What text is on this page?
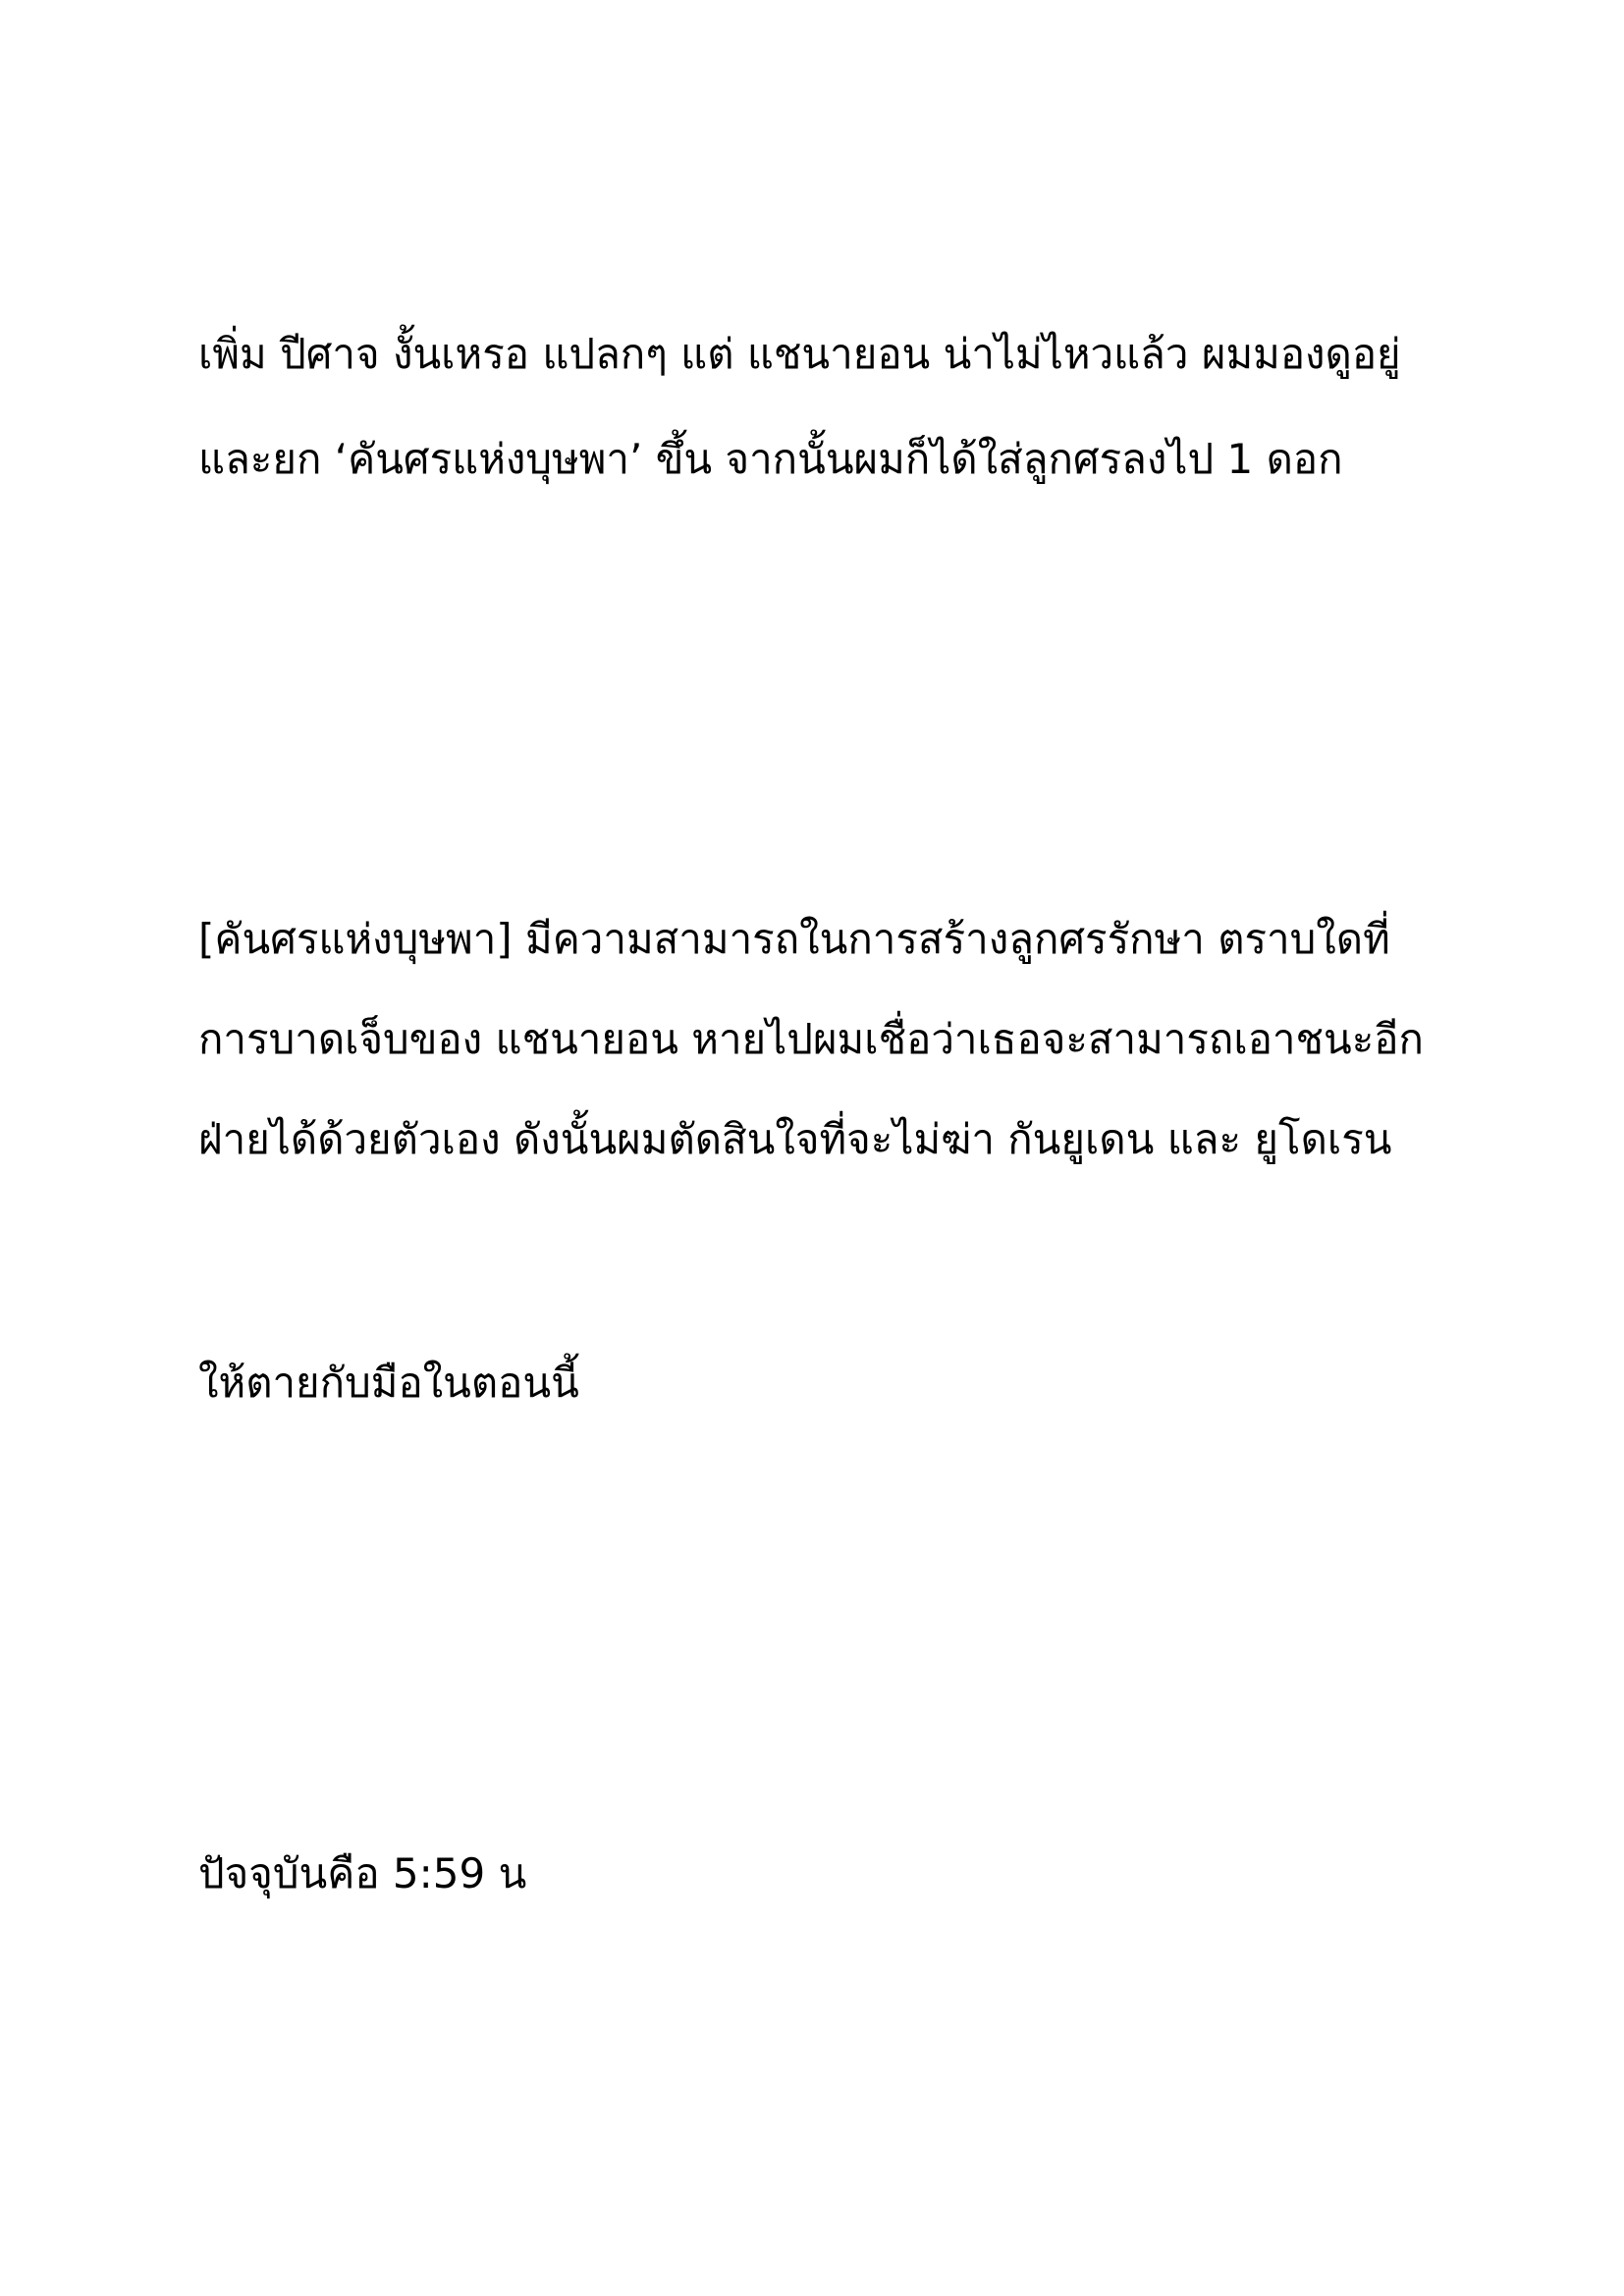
เพิ่ม ปีศาจ งั้นเหรอ แปลกๆ แต่ แชนายอน น่าไม่ไหวแล้ว ผมมองดูอยู่
และยก ‘คันศรแห่งบุษพา’ ขึ้น จากนั้นผมก็ได้ใส่ลูกศรลงไป 1 ดอก
[คันศรแห่งบุษพา] มีความสามารถในการสร้างลูกศรรักษา ตราบใดที่
การบาดเจ็บของ แชนายอน หายไปผมเชื่อว่าเธอจะสามารถเอาชนะอีก
ฝ่ายได้ด้วยตัวเอง ดังนั้นผมตัดสินใจที่จะไม่ฆ่า กันยูเดน และ ยูโดเรน
ให้ตายกับมือในตอนนี้
ปัจจุบันคือ 5:59 น
